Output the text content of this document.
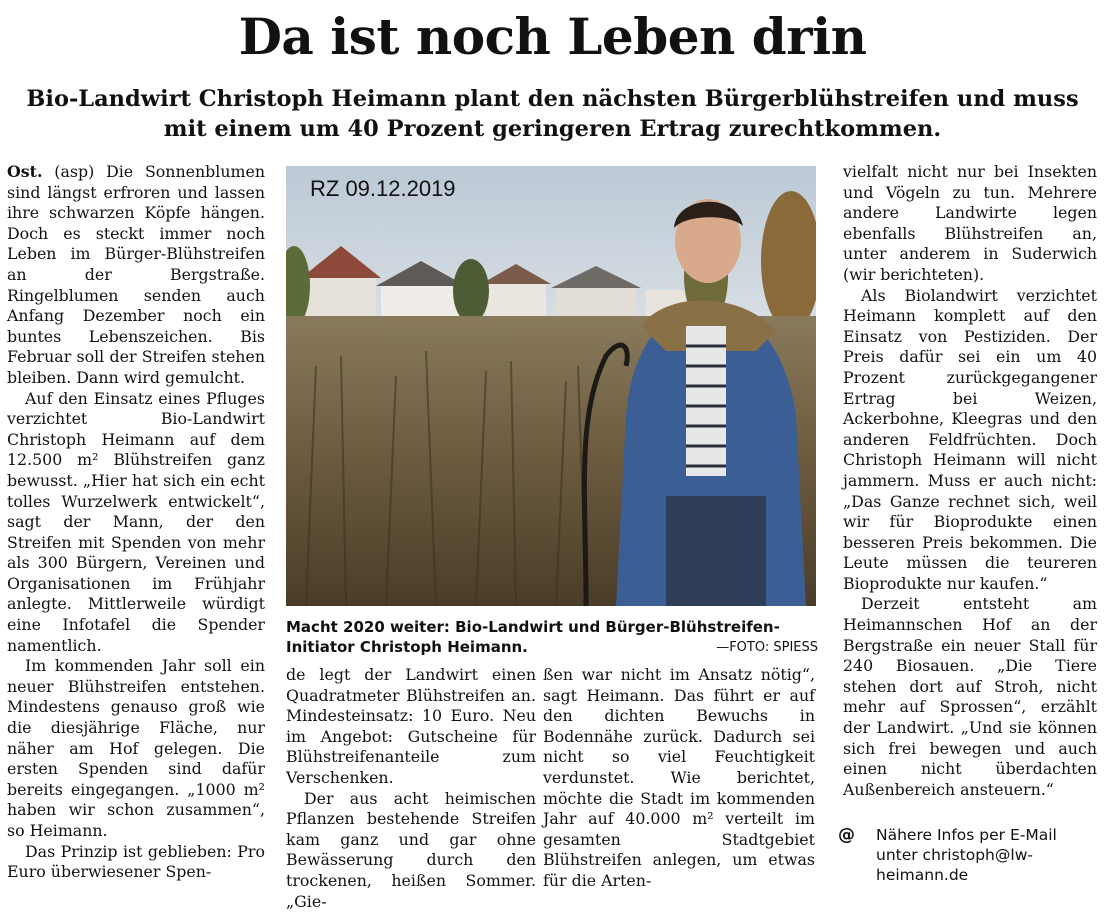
Da ist noch Leben drin
Bio-Landwirt Christoph Heimann plant den nächsten Bürgerblühstreifen und muss mit einem um 40 Prozent geringeren Ertrag zurechtkommen.

Ost. (asp) Die Sonnenblumen sind längst erfroren und lassen ihre schwarzen Köpfe hängen. Doch es steckt immer noch Leben im Bürger-Blühstreifen an der Bergstraße. Ringelblumen senden auch Anfang Dezember noch ein buntes Lebenszeichen. Bis Februar soll der Streifen stehen bleiben. Dann wird gemulcht.

Auf den Einsatz eines Pfluges verzichtet Bio-Landwirt Christoph Heimann auf dem 12.500 m² Blühstreifen ganz bewusst. „Hier hat sich ein echt tolles Wurzelwerk entwickelt“, sagt der Mann, der den Streifen mit Spenden von mehr als 300 Bürgern, Vereinen und Organisationen im Frühjahr anlegte. Mittlerweile würdigt eine Infotafel die Spender namentlich.

Im kommenden Jahr soll ein neuer Blühstreifen entstehen. Mindestens genauso groß wie die diesjährige Fläche, nur näher am Hof gelegen. Die ersten Spenden sind dafür bereits eingegangen. „1000 m² haben wir schon zusammen“, so Heimann.

Das Prinzip ist geblieben: Pro Euro überwiesener Spen-

RZ 09.12.2019
Macht 2020 weiter: Bio-Landwirt und Bürger-Blühstreifen-Initiator Christoph Heimann.	—FOTO: SPIESS

de legt der Landwirt einen Quadratmeter Blühstreifen an. Mindesteinsatz: 10 Euro. Neu im Angebot: Gutscheine für Blühstreifenanteile zum Verschenken.

Der aus acht heimischen Pflanzen bestehende Streifen kam ganz und gar ohne Bewässerung durch den trockenen, heißen Sommer. „Gie-

ßen war nicht im Ansatz nötig“, sagt Heimann. Das führt er auf den dichten Bewuchs in Bodennähe zurück. Dadurch sei nicht so viel Feuchtigkeit verdunstet. Wie berichtet, möchte die Stadt im kommenden Jahr auf 40.000 m² verteilt im gesamten Stadtgebiet Blühstreifen anlegen, um etwas für die Arten-

vielfalt nicht nur bei Insekten und Vögeln zu tun. Mehrere andere Landwirte legen ebenfalls Blühstreifen an, unter anderem in Suderwich (wir berichteten).

Als Biolandwirt verzichtet Heimann komplett auf den Einsatz von Pestiziden. Der Preis dafür sei ein um 40 Prozent zurückgegangener Ertrag bei Weizen, Ackerbohne, Kleegras und den anderen Feldfrüchten. Doch Christoph Heimann will nicht jammern. Muss er auch nicht: „Das Ganze rechnet sich, weil wir für Bioprodukte einen besseren Preis bekommen. Die Leute müssen die teureren Bioprodukte nur kaufen.“

Derzeit entsteht am Heimannschen Hof an der Bergstraße ein neuer Stall für 240 Biosauen. „Die Tiere stehen dort auf Stroh, nicht mehr auf Sprossen“, erzählt der Landwirt. „Und sie können sich frei bewegen und auch einen nicht überdachten Außenbereich ansteuern.“

@ Nähere Infos per E-Mail unter christoph@lw-heimann.de
